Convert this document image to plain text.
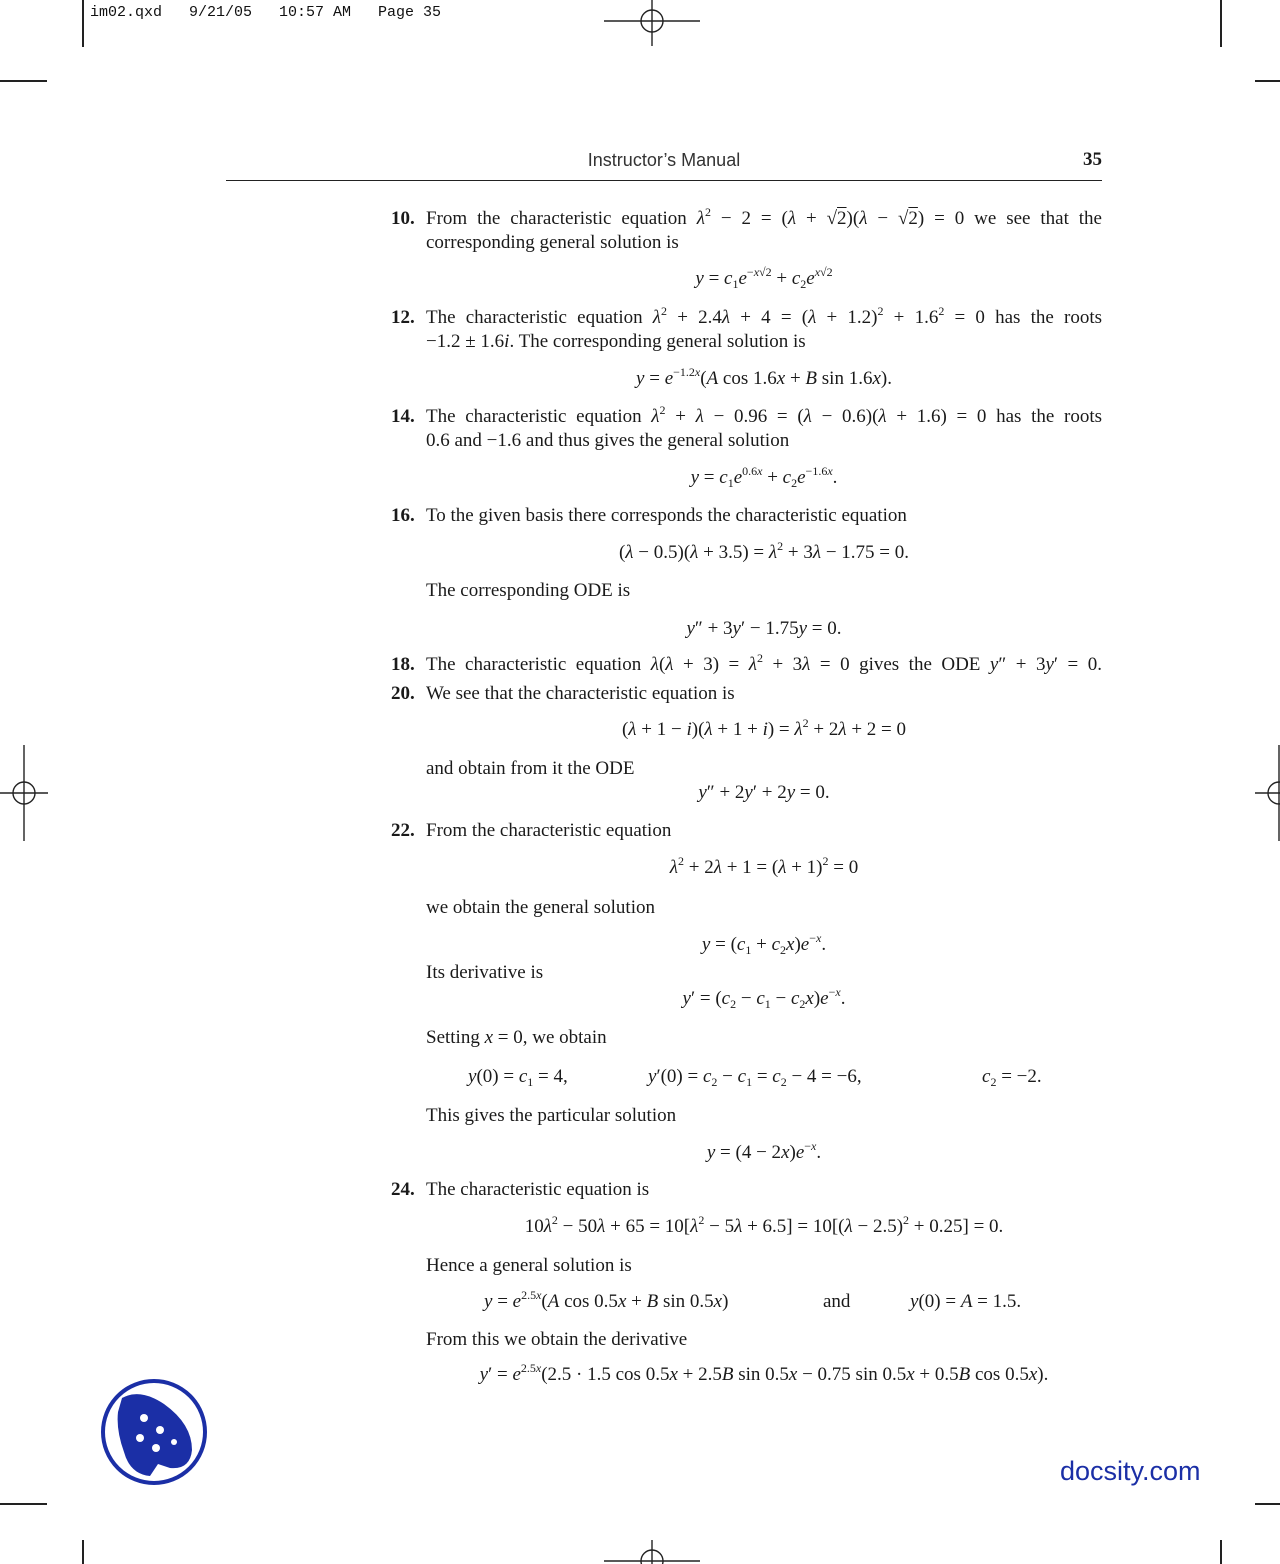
im02.qxd   9/21/05   10:57 AM   Page 35
Instructor’s Manual	35
10. From the characteristic equation $\lambda^2 - 2 = (\lambda + √2)(\lambda - √2) = 0$ we see that the
corresponding general solution is
$y = c_1e^{-x√2} + c_2e^{x√2}$
12. The characteristic equation $\lambda^2 + 2.4\lambda + 4 = (\lambda + 1.2)^2 + 1.6^2 = 0$ has the roots
−1.2 ± 1.6i. The corresponding general solution is
$y = e^{-1.2x}(A$ cos 1.6x + B sin 1.6x).
14. The characteristic equation $\lambda^2 + \lambda - 0.96 = (\lambda - 0.6)(\lambda + 1.6) = 0$ has the roots
0.6 and −1.6 and thus gives the general solution
$y = c_1e^{0.6x} + c_2e^{-1.6x}$.
16. To the given basis there corresponds the characteristic equation
$(\lambda - 0.5)(\lambda + 3.5) = \lambda^2 + 3\lambda - 1.75 = 0$.
The corresponding ODE is
y″ + 3y′ − 1.75y = 0.
18. The characteristic equation $\lambda(\lambda + 3) = \lambda^2 + 3\lambda = 0$ gives the ODE y″ + 3y′ = 0.
20. We see that the characteristic equation is
$(\lambda + 1 - i)(\lambda + 1 + i) = \lambda^2 + 2\lambda + 2 = 0$
and obtain from it the ODE
y″ + 2y′ + 2y = 0.
22. From the characteristic equation
$\lambda^2 + 2\lambda + 1 = (\lambda + 1)^2 = 0$
we obtain the general solution
$y = (c_1 + c_2x)e^{-x}$.
Its derivative is
$y' = (c_2 - c_1 - c_2x)e^{-x}$.
Setting x = 0, we obtain
$y(0) = c_1 = 4$,	$y'(0) = c_2 - c_1 = c_2 - 4 = -6$,	$c_2 = -2$.
This gives the particular solution
$y = (4 - 2x)e^{-x}$.
24. The characteristic equation is
$10\lambda^2 - 50\lambda + 65 = 10[\lambda^2 - 5\lambda + 6.5] = 10[(\lambda - 2.5)^2 + 0.25] = 0$.
Hence a general solution is
$y = e^{2.5x}(A$ cos 0.5x + B sin 0.5x)	and	y(0) = A = 1.5.
From this we obtain the derivative
$y' = e^{2.5x}(2.5 \cdot 1.5$ cos 0.5x + 2.5B sin 0.5x − 0.75 sin 0.5x + 0.5B cos 0.5x).
docsity.com
